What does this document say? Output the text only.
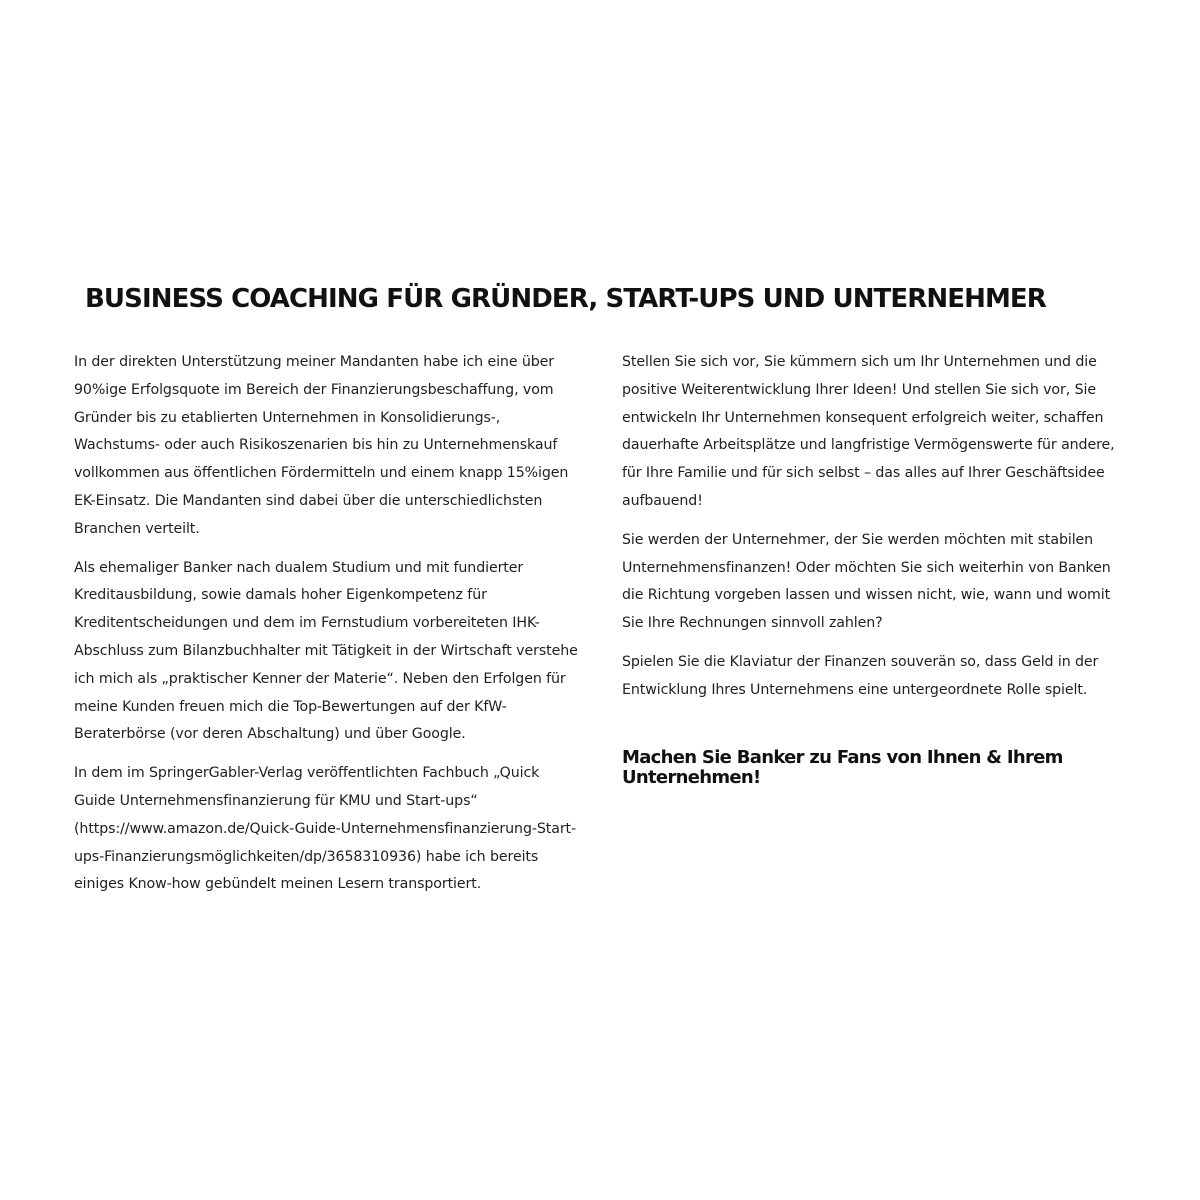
BUSINESS COACHING FÜR GRÜNDER, START-UPS UND UNTERNEHMER

In der direkten Unterstützung meiner Mandanten habe ich eine über 90%ige Erfolgsquote im Bereich der Finanzierungsbeschaffung, vom Gründer bis zu etablierten Unternehmen in Konsolidierungs-, Wachstums- oder auch Risikoszenarien bis hin zu Unternehmenskauf vollkommen aus öffentlichen Fördermitteln und einem knapp 15%igen EK-Einsatz. Die Mandanten sind dabei über die unterschiedlichsten Branchen verteilt.

Als ehemaliger Banker nach dualem Studium und mit fundierter Kreditausbildung, sowie damals hoher Eigenkompetenz für Kreditentscheidungen und dem im Fernstudium vorbereiteten IHK-Abschluss zum Bilanzbuchhalter mit Tätigkeit in der Wirtschaft verstehe ich mich als „praktischer Kenner der Materie“. Neben den Erfolgen für meine Kunden freuen mich die Top-Bewertungen auf der KfW-Beraterbörse (vor deren Abschaltung) und über Google.

In dem im SpringerGabler-Verlag veröffentlichten Fachbuch „Quick Guide Unternehmensfinanzierung für KMU und Start-ups“ (https://www.amazon.de/Quick-Guide-Unternehmensfinanzierung-Start-ups-Finanzierungsmöglichkeiten/dp/3658310936) habe ich bereits einiges Know-how gebündelt meinen Lesern transportiert.

Stellen Sie sich vor, Sie kümmern sich um Ihr Unternehmen und die positive Weiterentwicklung Ihrer Ideen! Und stellen Sie sich vor, Sie entwickeln Ihr Unternehmen konsequent erfolgreich weiter, schaffen dauerhafte Arbeitsplätze und langfristige Vermögenswerte für andere, für Ihre Familie und für sich selbst – das alles auf Ihrer Geschäftsidee aufbauend!

Sie werden der Unternehmer, der Sie werden möchten mit stabilen Unternehmensfinanzen! Oder möchten Sie sich weiterhin von Banken die Richtung vorgeben lassen und wissen nicht, wie, wann und womit Sie Ihre Rechnungen sinnvoll zahlen?

Spielen Sie die Klaviatur der Finanzen souverän so, dass Geld in der Entwicklung Ihres Unternehmens eine untergeordnete Rolle spielt.

Machen Sie Banker zu Fans von Ihnen & Ihrem Unternehmen!
